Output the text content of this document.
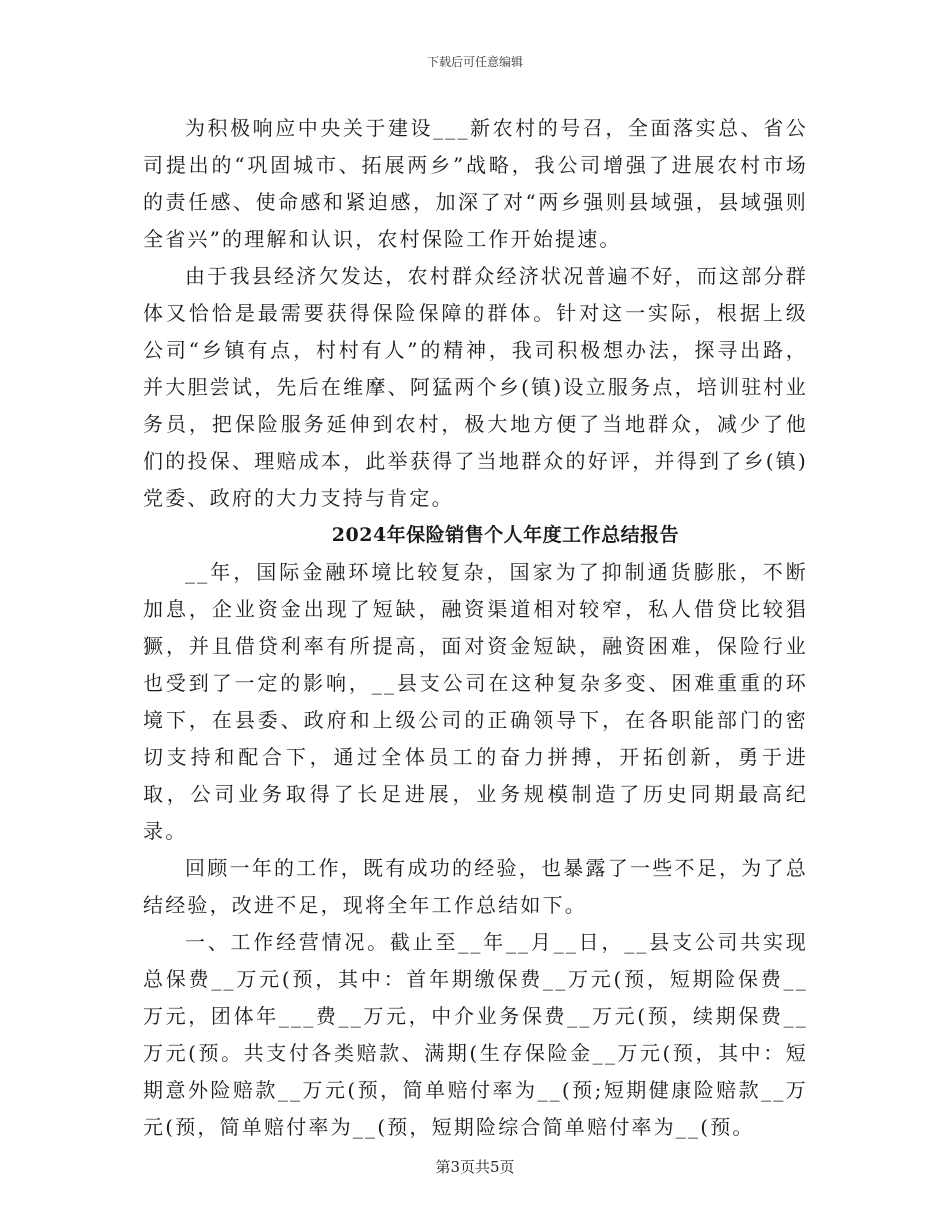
下载后可任意编辑

为积极响应中央关于建设___新农村的号召，全面落实总、省公司提出的“巩固城市、拓展两乡”战略，我公司增强了进展农村市场的责任感、使命感和紧迫感，加深了对“两乡强则县域强，县域强则全省兴”的理解和认识，农村保险工作开始提速。

由于我县经济欠发达，农村群众经济状况普遍不好，而这部分群体又恰恰是最需要获得保险保障的群体。针对这一实际，根据上级公司“乡镇有点，村村有人”的精神，我司积极想办法，探寻出路，并大胆尝试，先后在维摩、阿猛两个乡(镇)设立服务点，培训驻村业务员，把保险服务延伸到农村，极大地方便了当地群众，减少了他们的投保、理赔成本，此举获得了当地群众的好评，并得到了乡(镇)党委、政府的大力支持与肯定。

2024年保险销售个人年度工作总结报告

__年，国际金融环境比较复杂，国家为了抑制通货膨胀，不断加息，企业资金出现了短缺，融资渠道相对较窄，私人借贷比较猖獗，并且借贷利率有所提高，面对资金短缺，融资困难，保险行业也受到了一定的影响，__县支公司在这种复杂多变、困难重重的环境下，在县委、政府和上级公司的正确领导下，在各职能部门的密切支持和配合下，通过全体员工的奋力拼搏，开拓创新，勇于进取，公司业务取得了长足进展，业务规模制造了历史同期最高纪录。

回顾一年的工作，既有成功的经验，也暴露了一些不足，为了总结经验，改进不足，现将全年工作总结如下。

一、工作经营情况。截止至__年__月__日，__县支公司共实现总保费__万元(预，其中：首年期缴保费__万元(预，短期险保费__万元，团体年___费__万元，中介业务保费__万元(预，续期保费__万元(预。共支付各类赔款、满期(生存保险金__万元(预，其中：短期意外险赔款__万元(预，简单赔付率为__(预;短期健康险赔款__万元(预，简单赔付率为__(预，短期险综合简单赔付率为__(预。

第3页共5页
